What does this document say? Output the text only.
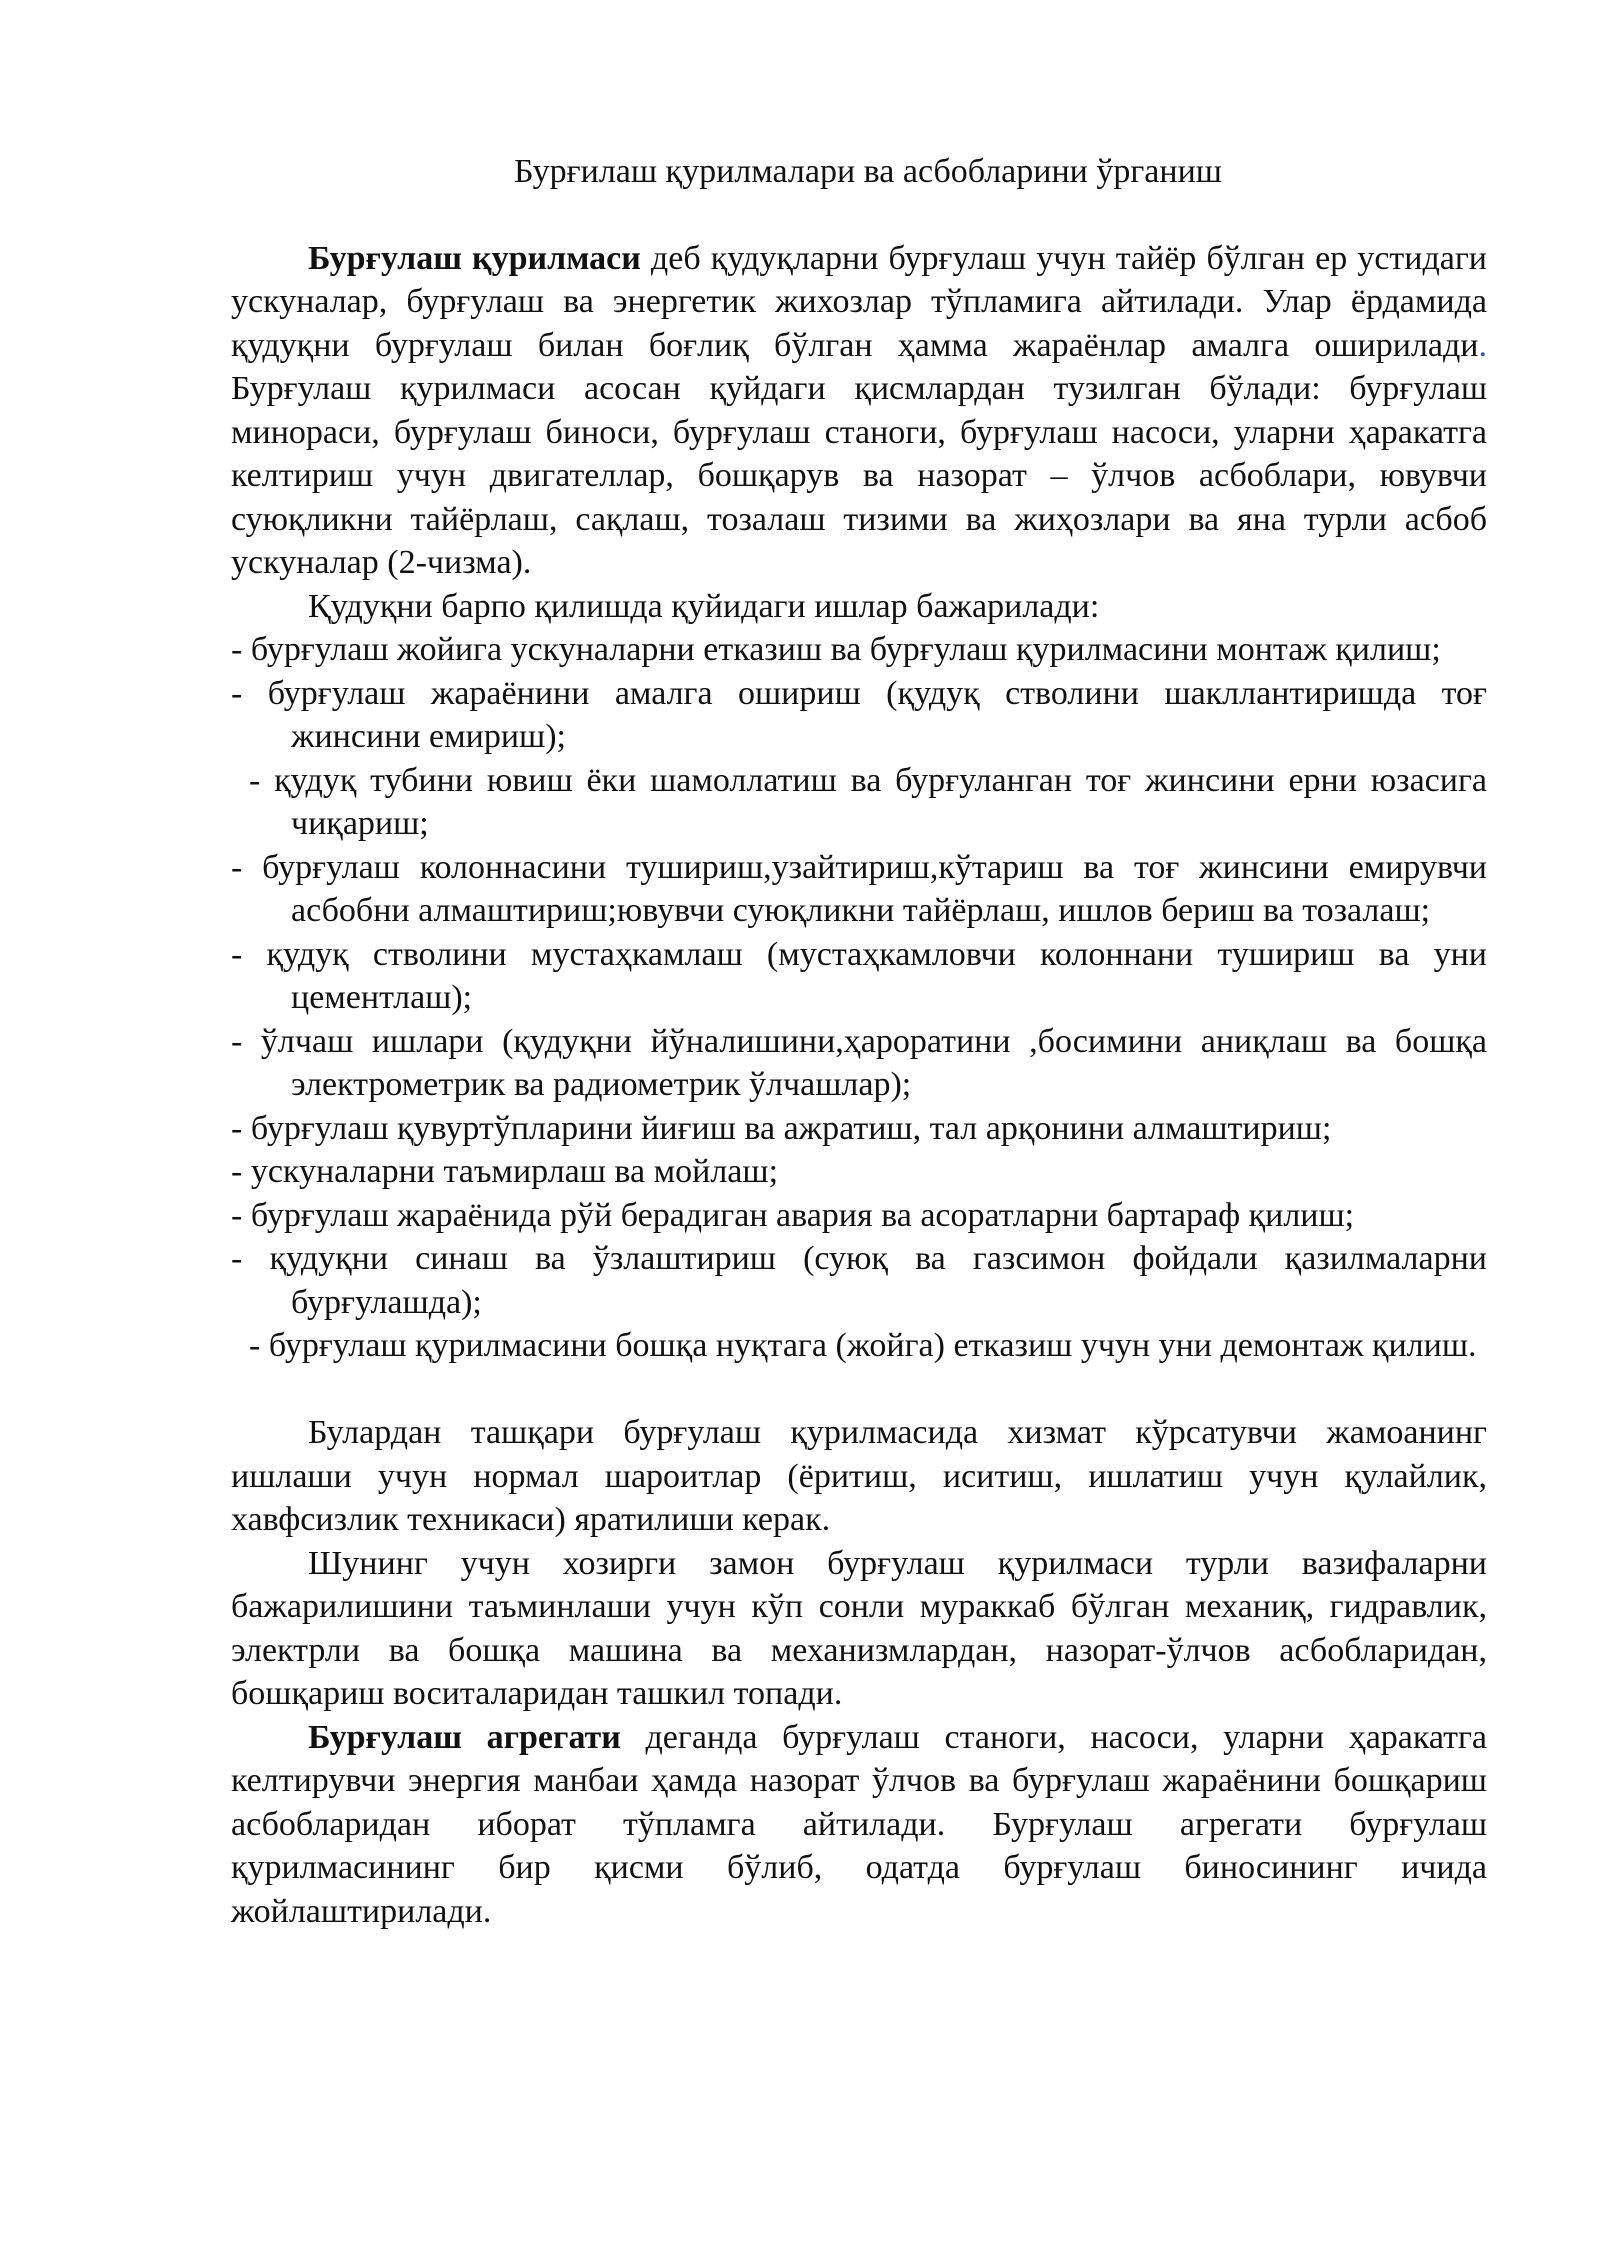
Бурғилаш қурилмалари ва асбобларини ўрганиш

Бурғулаш қурилмаси деб қудуқларни бурғулаш учун тайёр бўлган ер устидаги ускуналар, бурғулаш ва энергетик жихозлар тўпламига айтилади. Улар ёрдамида қудуқни бурғулаш билан боғлиқ бўлган ҳамма жараёнлар амалга оширилади. Бурғулаш қурилмаси асосан қуйдаги қисмлардан тузилган бўлади: бурғулаш минораси, бурғулаш биноси, бурғулаш станоги, бурғулаш насоси, уларни ҳаракатга келтириш учун двигателлар, бошқарув ва назорат – ўлчов асбоблари, ювувчи суюқликни тайёрлаш, сақлаш, тозалаш тизими ва жиҳозлари ва яна турли асбоб ускуналар (2-чизма).

Қудуқни барпо қилишда қуйидаги ишлар бажарилади:

- бурғулаш жойига ускуналарни етказиш ва бурғулаш қурилмасини монтаж қилиш;
- бурғулаш жараёнини амалга ошириш (қудуқ стволини шакллантиришда тоғ жинсини емириш);
- қудуқ тубини ювиш ёки шамоллатиш ва бурғуланган тоғ жинсини ерни юзасига чиқариш;
- бурғулаш колоннасини тушириш,узайтириш,кўтариш ва тоғ жинсини емирувчи асбобни алмаштириш;ювувчи суюқликни тайёрлаш, ишлов бериш ва тозалаш;
- қудуқ стволини мустаҳкамлаш (мустаҳкамловчи колоннани тушириш ва уни цементлаш);
- ўлчаш ишлари (қудуқни йўналишини,ҳароратини ,босимини аниқлаш ва бошқа электрометрик ва радиометрик ўлчашлар);
- бурғулаш қувуртўпларини йиғиш ва ажратиш, тал арқонини алмаштириш;
- ускуналарни таъмирлаш ва мойлаш;
- бурғулаш жараёнида рўй берадиган авария ва асоратларни бартараф қилиш;
- қудуқни синаш ва ўзлаштириш (суюқ ва газсимон фойдали қазилмаларни бурғулашда);
- бурғулаш қурилмасини бошқа нуқтага (жойга) етказиш учун уни демонтаж қилиш.

Булардан ташқари бурғулаш қурилмасида хизмат кўрсатувчи жамоанинг ишлаши учун нормал шароитлар (ёритиш, иситиш, ишлатиш учун қулайлик, хавфсизлик техникаси) яратилиши керак.

Шунинг учун хозирги замон бурғулаш қурилмаси турли вазифаларни бажарилишини таъминлаши учун кўп сонли мураккаб бўлган механиқ, гидравлик, электрли ва бошқа машина ва механизмлардан, назорат-ўлчов асбобларидан, бошқариш воситаларидан ташкил топади.

Бурғулаш агрегати деганда бурғулаш станоги, насоси, уларни ҳаракатга келтирувчи энергия манбаи ҳамда назорат ўлчов ва бурғулаш жараёнини бошқариш асбобларидан иборат тўпламга айтилади. Бурғулаш агрегати бурғулаш қурилмасининг бир қисми бўлиб, одатда бурғулаш биносининг ичида жойлаштирилади.
